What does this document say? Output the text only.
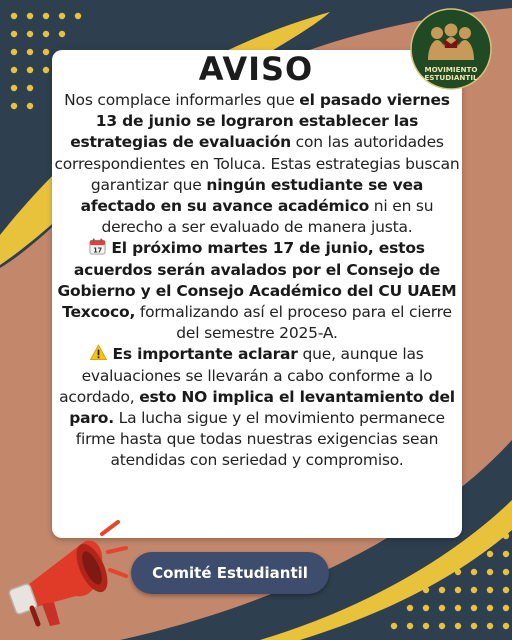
AVISO
Nos complace informarles que el pasado viernes 13 de junio se lograron establecer las estrategias de evaluación con las autoridades correspondientes en Toluca. Estas estrategias buscan garantizar que ningún estudiante se vea afectado en su avance académico ni en su derecho a ser evaluado de manera justa.
17 El próximo martes 17 de junio, estos acuerdos serán avalados por el Consejo de Gobierno y el Consejo Académico del CU UAEM Texcoco, formalizando así el proceso para el cierre del semestre 2025-A.
Es importante aclarar que, aunque las evaluaciones se llevarán a cabo conforme a lo acordado, esto NO implica el levantamiento del paro. La lucha sigue y el movimiento permanece firme hasta que todas nuestras exigencias sean atendidas con seriedad y compromiso.
MOVIMIENTO
ESTUDIANTIL
Comité Estudiantil
